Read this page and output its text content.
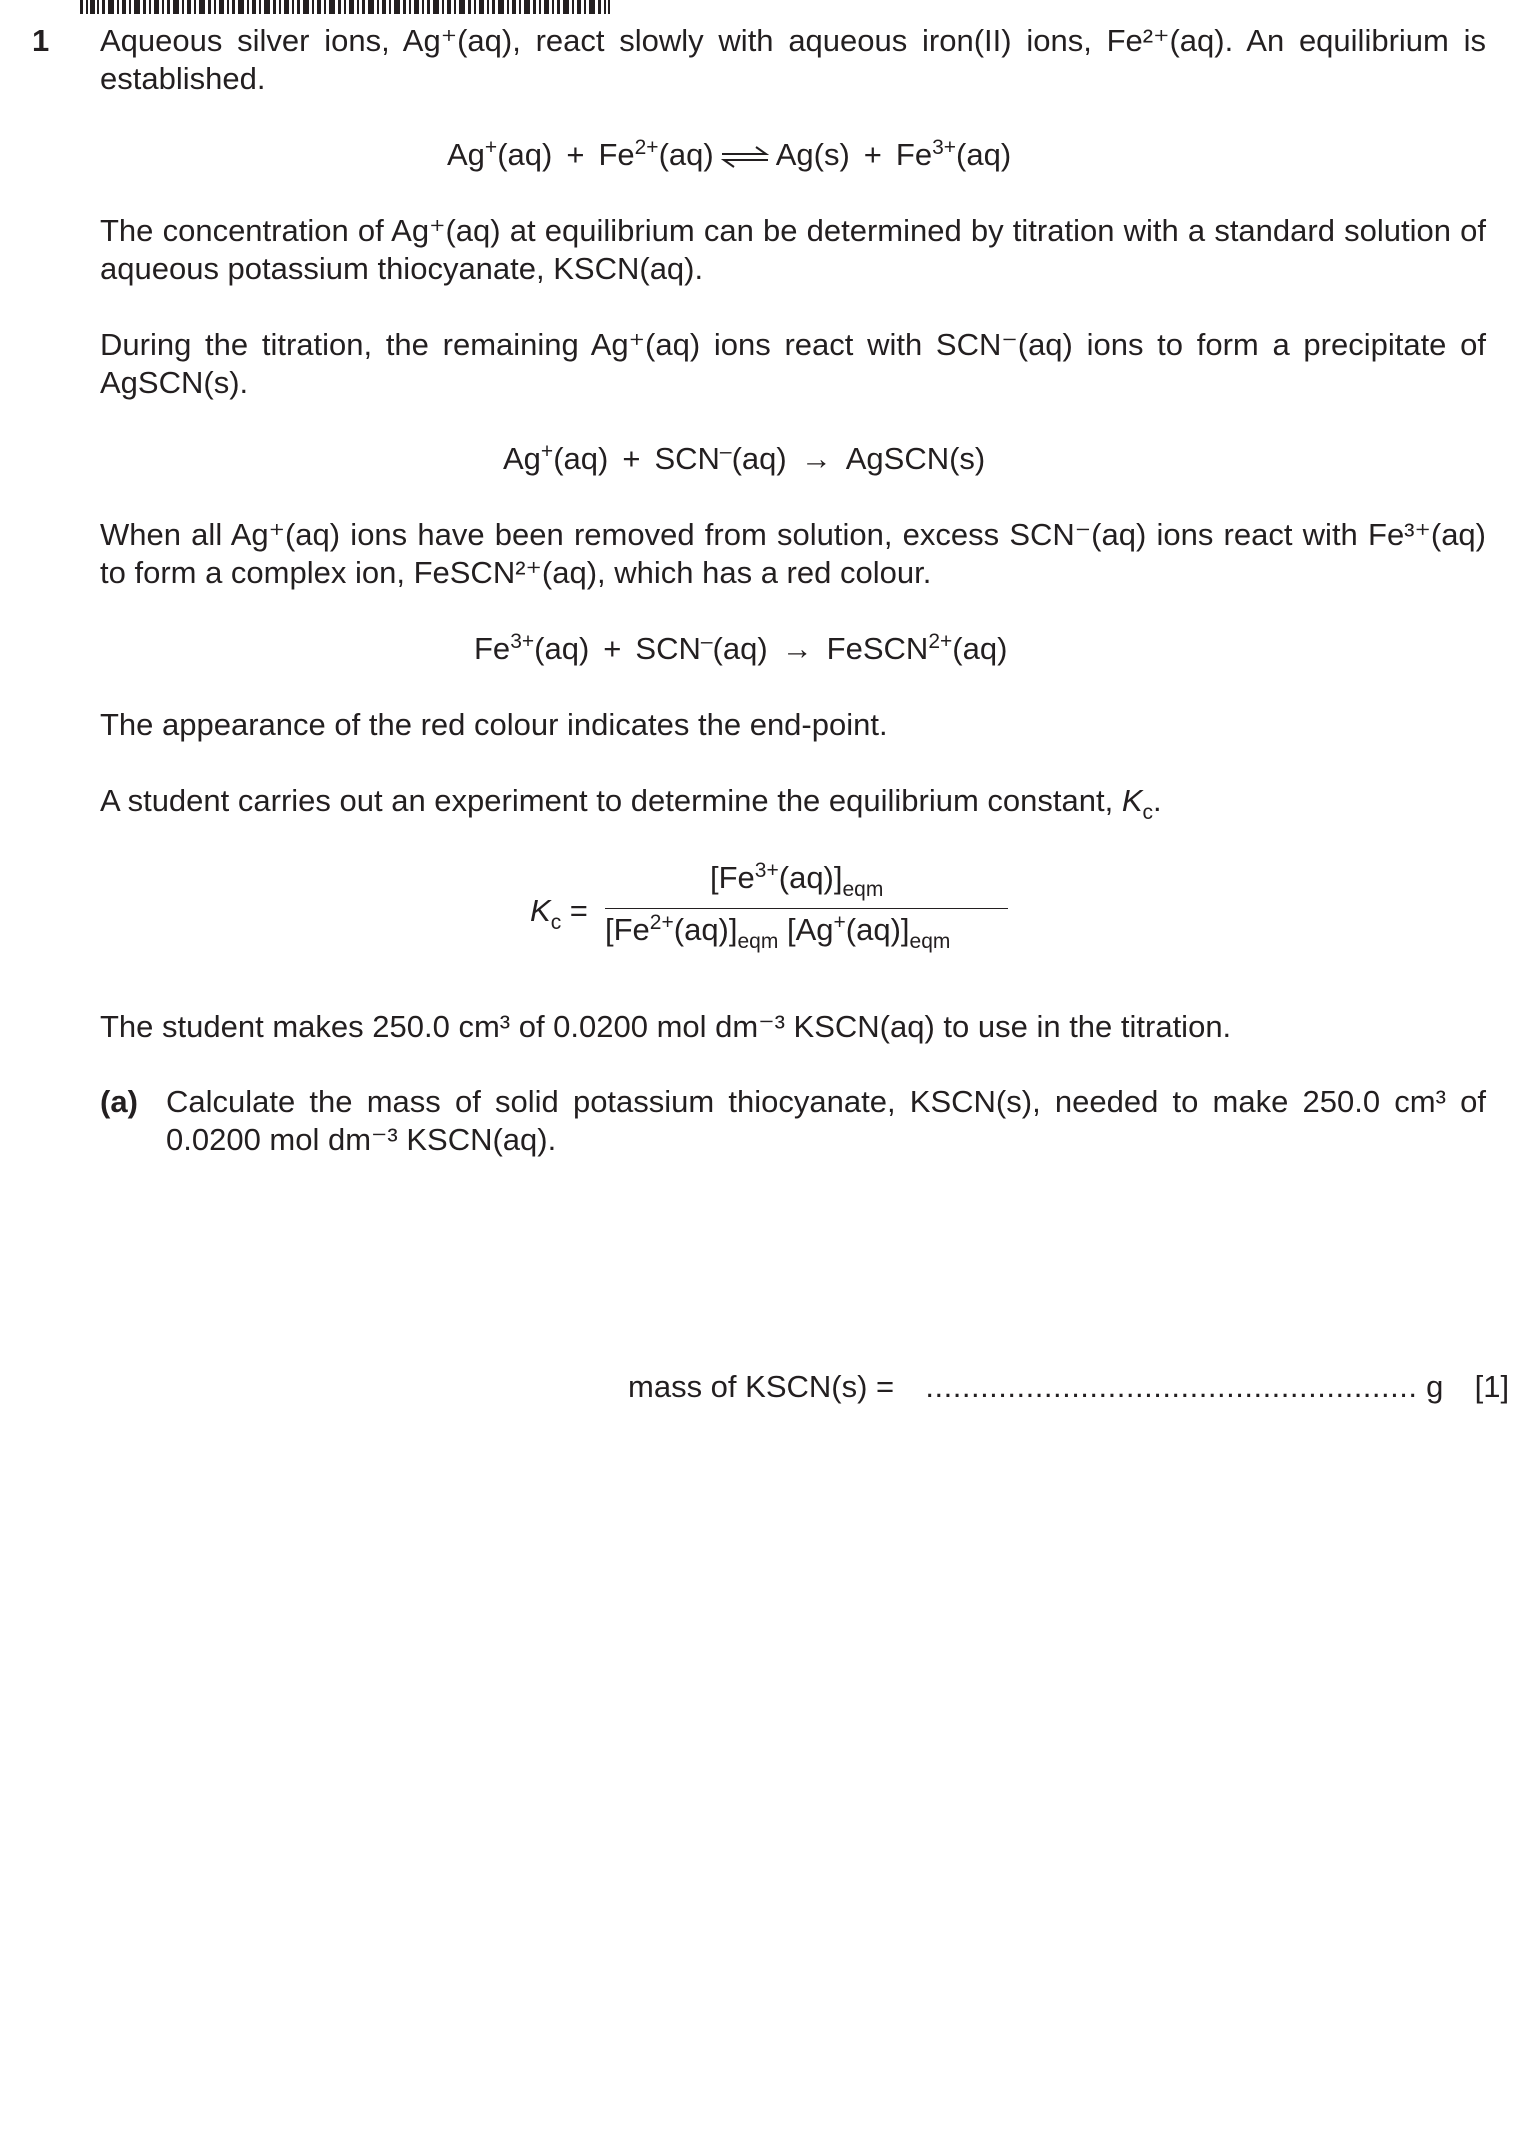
1 Aqueous silver ions, Ag⁺(aq), react slowly with aqueous iron(II) ions, Fe²⁺(aq). An equilibrium is established.
$Ag^+(aq) + Fe^{2+}(aq)$ ⇌ $Ag(s) + Fe^{3+}(aq)$
The concentration of Ag⁺(aq) at equilibrium can be determined by titration with a standard solution of aqueous potassium thiocyanate, KSCN(aq).
During the titration, the remaining Ag⁺(aq) ions react with SCN⁻(aq) ions to form a precipitate of AgSCN(s).
Ag+(aq) + SCN–(aq) → AgSCN(s)
When all Ag⁺(aq) ions have been removed from solution, excess SCN⁻(aq) ions react with Fe³⁺(aq) to form a complex ion, FeSCN²⁺(aq), which has a red colour.
$Fe^{3+}(aq) + SCN^-(aq)$ → FeSCN$^{2+}$(aq)
The appearance of the red colour indicates the end-point.
A student carries out an experiment to determine the equilibrium constant, $K_c$.
$K_c$ =
$[Fe^{3+}(aq)]_{eqm}$
$[Fe^{2+}(aq)]_{eqm}$ $[Ag^+(aq)]_{eqm}$
The student makes 250.0 cm³ of 0.0200 mol dm⁻³ KSCN(aq) to use in the titration.
(a) Calculate the mass of solid potassium thiocyanate, KSCN(s), needed to make 250.0 cm³ of 0.0200 mol dm⁻³ KSCN(aq).
mass of KSCN(s) = ...................................................... g [1]
